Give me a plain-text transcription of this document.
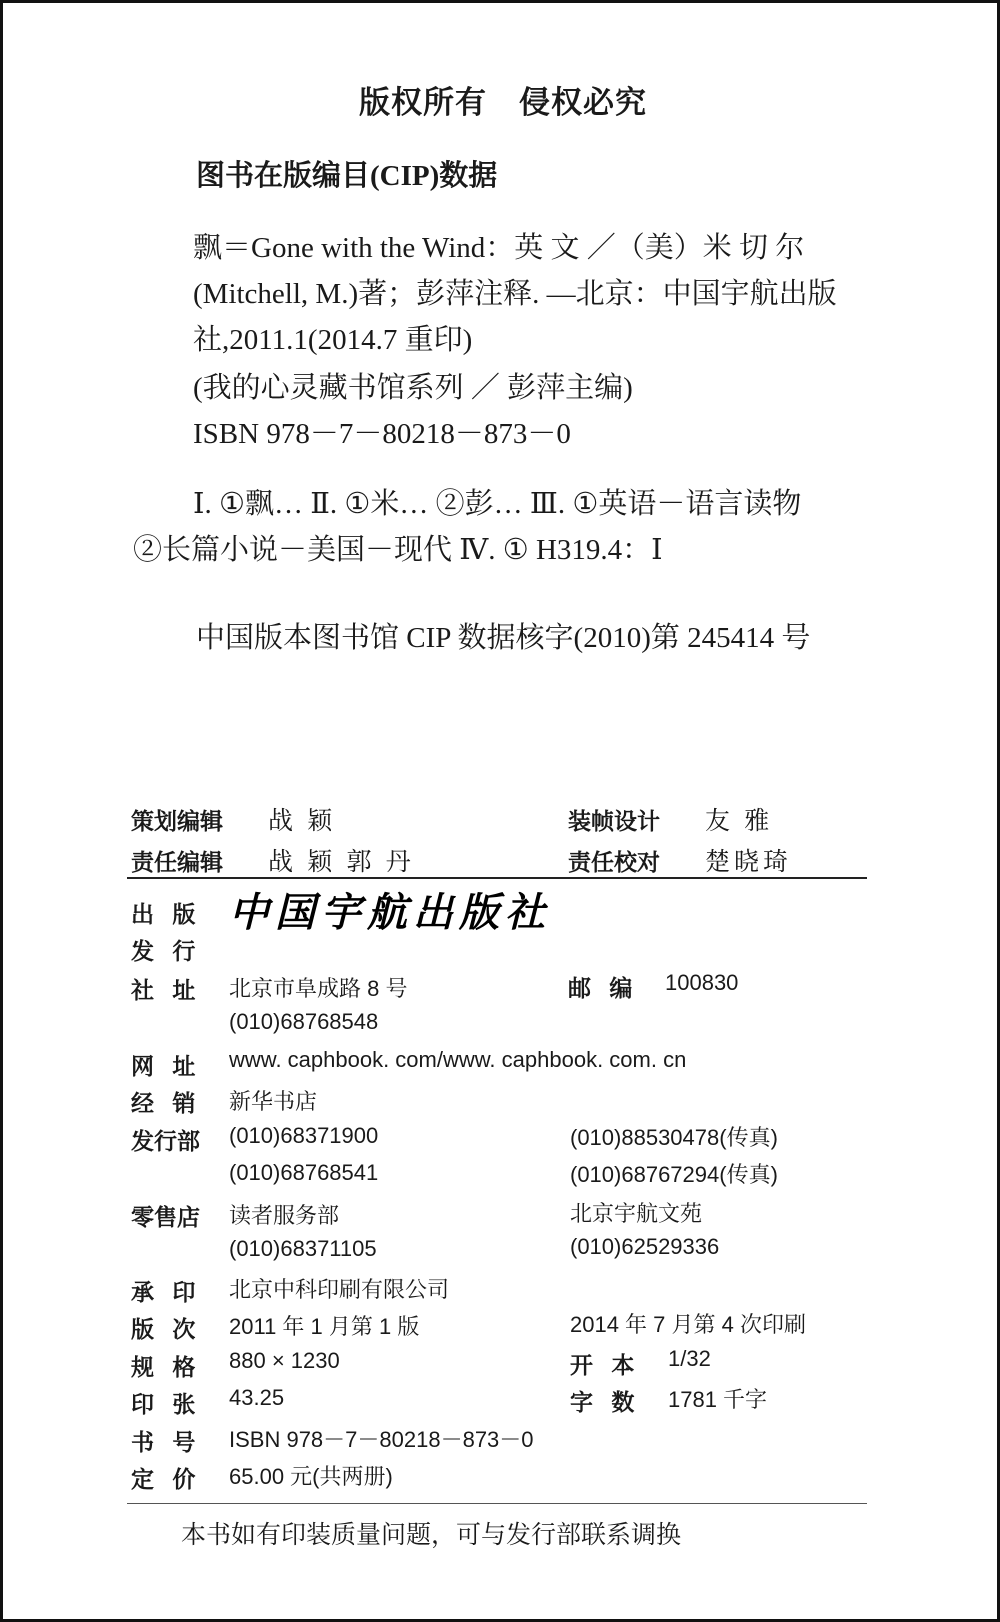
版权所有　侵权必究
图书在版编目(CIP)数据
飘＝Gone with the Wind：英 文 ／（美）米 切 尔
(Mitchell, M.)著；彭萍注释. —北京：中国宇航出版
社,2011.1(2014.7 重印)
(我的心灵藏书馆系列 ／ 彭萍主编)
ISBN 978－7－80218－873－0
Ⅰ. ①飘… Ⅱ. ①米… ②彭… Ⅲ. ①英语－语言读物
②长篇小说－美国－现代 Ⅳ. ① H319.4：Ⅰ
中国版本图书馆 CIP 数据核字(2010)第 245414 号
策划编辑 战 颖	装帧设计 友 雅
责任编辑 战 颖 郭 丹	责任校对 楚晓琦
出 版
发 行
中国宇航出版社
社 址 北京市阜成路 8 号	邮 编 100830
(010)68768548
网 址 www. caphbook. com/www. caphbook. com. cn
经 销 新华书店
发行部 (010)68371900	(010)88530478(传真)
(010)68768541	(010)68767294(传真)
零售店 读者服务部	北京宇航文苑
(010)68371105	(010)62529336
承 印 北京中科印刷有限公司
版 次 2011 年 1 月第 1 版	2014 年 7 月第 4 次印刷
规 格 880 × 1230	开 本 1/32
印 张 43.25	字 数 1781 千字
书 号 ISBN 978－7－80218－873－0
定 价 65.00 元(共两册)
本书如有印装质量问题，可与发行部联系调换
